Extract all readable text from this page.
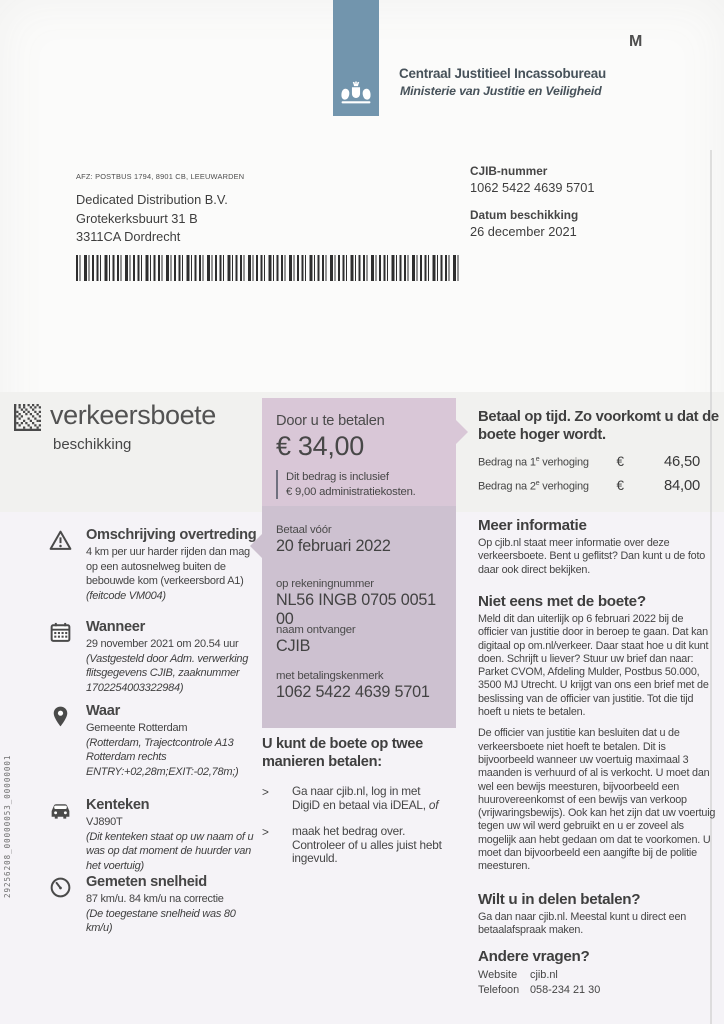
Centraal Justitieel Incassobureau
Ministerie van Justitie en Veiligheid
M
AFZ: POSTBUS 1794, 8901 CB, LEEUWARDEN
Dedicated Distribution B.V.
Grotekerksbuurt 31 B
3311CA Dordrecht
CJIB-nummer
1062 5422 4639 5701
Datum beschikking
26 december 2021
verkeersboete
beschikking
Betaal vóór
20 februari 2022
op rekeningnummer
NL56 INGB 0705 0051 00
naam ontvanger
CJIB
met betalingskenmerk
1062 5422 4639 5701
Door u te betalen
€ 34,00
Dit bedrag is inclusief
€ 9,00 administratiekosten.
U kunt de boete op twee manieren betalen:
>	Ga naar cjib.nl, log in met DigiD en betaal via iDEAL, of
>	maak het bedrag over. Controleer of u alles juist hebt ingevuld.
Betaal op tijd. Zo voorkomt u dat de boete hoger wordt.
Bedrag na 1e verhoging	€	46,50
Bedrag na 2e verhoging	€	84,00
Omschrijving overtreding
4 km per uur harder rijden dan mag op een autosnelweg buiten de bebouwde kom (verkeersbord A1)
(feitcode VM004)
Wanneer
29 november 2021 om 20.54 uur
(Vastgesteld door Adm. verwerking flitsgegevens CJIB, zaaknummer 1702254003322984)
Waar
Gemeente Rotterdam
(Rotterdam, Trajectcontrole A13 Rotterdam rechts ENTRY:+02,28m;EXIT:-02,78m;)
Kenteken
VJ890T
(Dit kenteken staat op uw naam of u was op dat moment de huurder van het voertuig)
Gemeten snelheid
87 km/u. 84 km/u na correctie
(De toegestane snelheid was 80 km/u)
Meer informatie

Op cjib.nl staat meer informatie over deze verkeersboete. Bent u geflitst? Dan kunt u de foto daar ook direct bekijken.

Niet eens met de boete?

Meld dit dan uiterlijk op 6 februari 2022 bij de officier van justitie door in beroep te gaan. Dat kan digitaal op om.nl/verkeer. Daar staat hoe u dit kunt doen. Schrijft u liever? Stuur uw brief dan naar: Parket CVOM, Afdeling Mulder, Postbus 50.000, 3500 MJ Utrecht. U krijgt van ons een brief met de beslissing van de officier van justitie. Tot die tijd hoeft u niets te betalen.

De officier van justitie kan besluiten dat u de verkeersboete niet hoeft te betalen. Dit is bijvoorbeeld wanneer uw voertuig maximaal 3 maanden is verhuurd of al is verkocht. U moet dan wel een bewijs meesturen, bijvoorbeeld een huurovereenkomst of een bewijs van verkoop (vrijwaringsbewijs). Ook kan het zijn dat uw voertuig tegen uw wil werd gebruikt en u er zoveel als mogelijk aan hebt gedaan om dat te voorkomen. U moet dan bijvoorbeeld een aangifte bij de politie meesturen.

Wilt u in delen betalen?

Ga dan naar cjib.nl. Meestal kunt u direct een betaalafspraak maken.

Andere vragen?
Website	cjib.nl
Telefoon 058-234 21 30
29256208_00000053_00000001
